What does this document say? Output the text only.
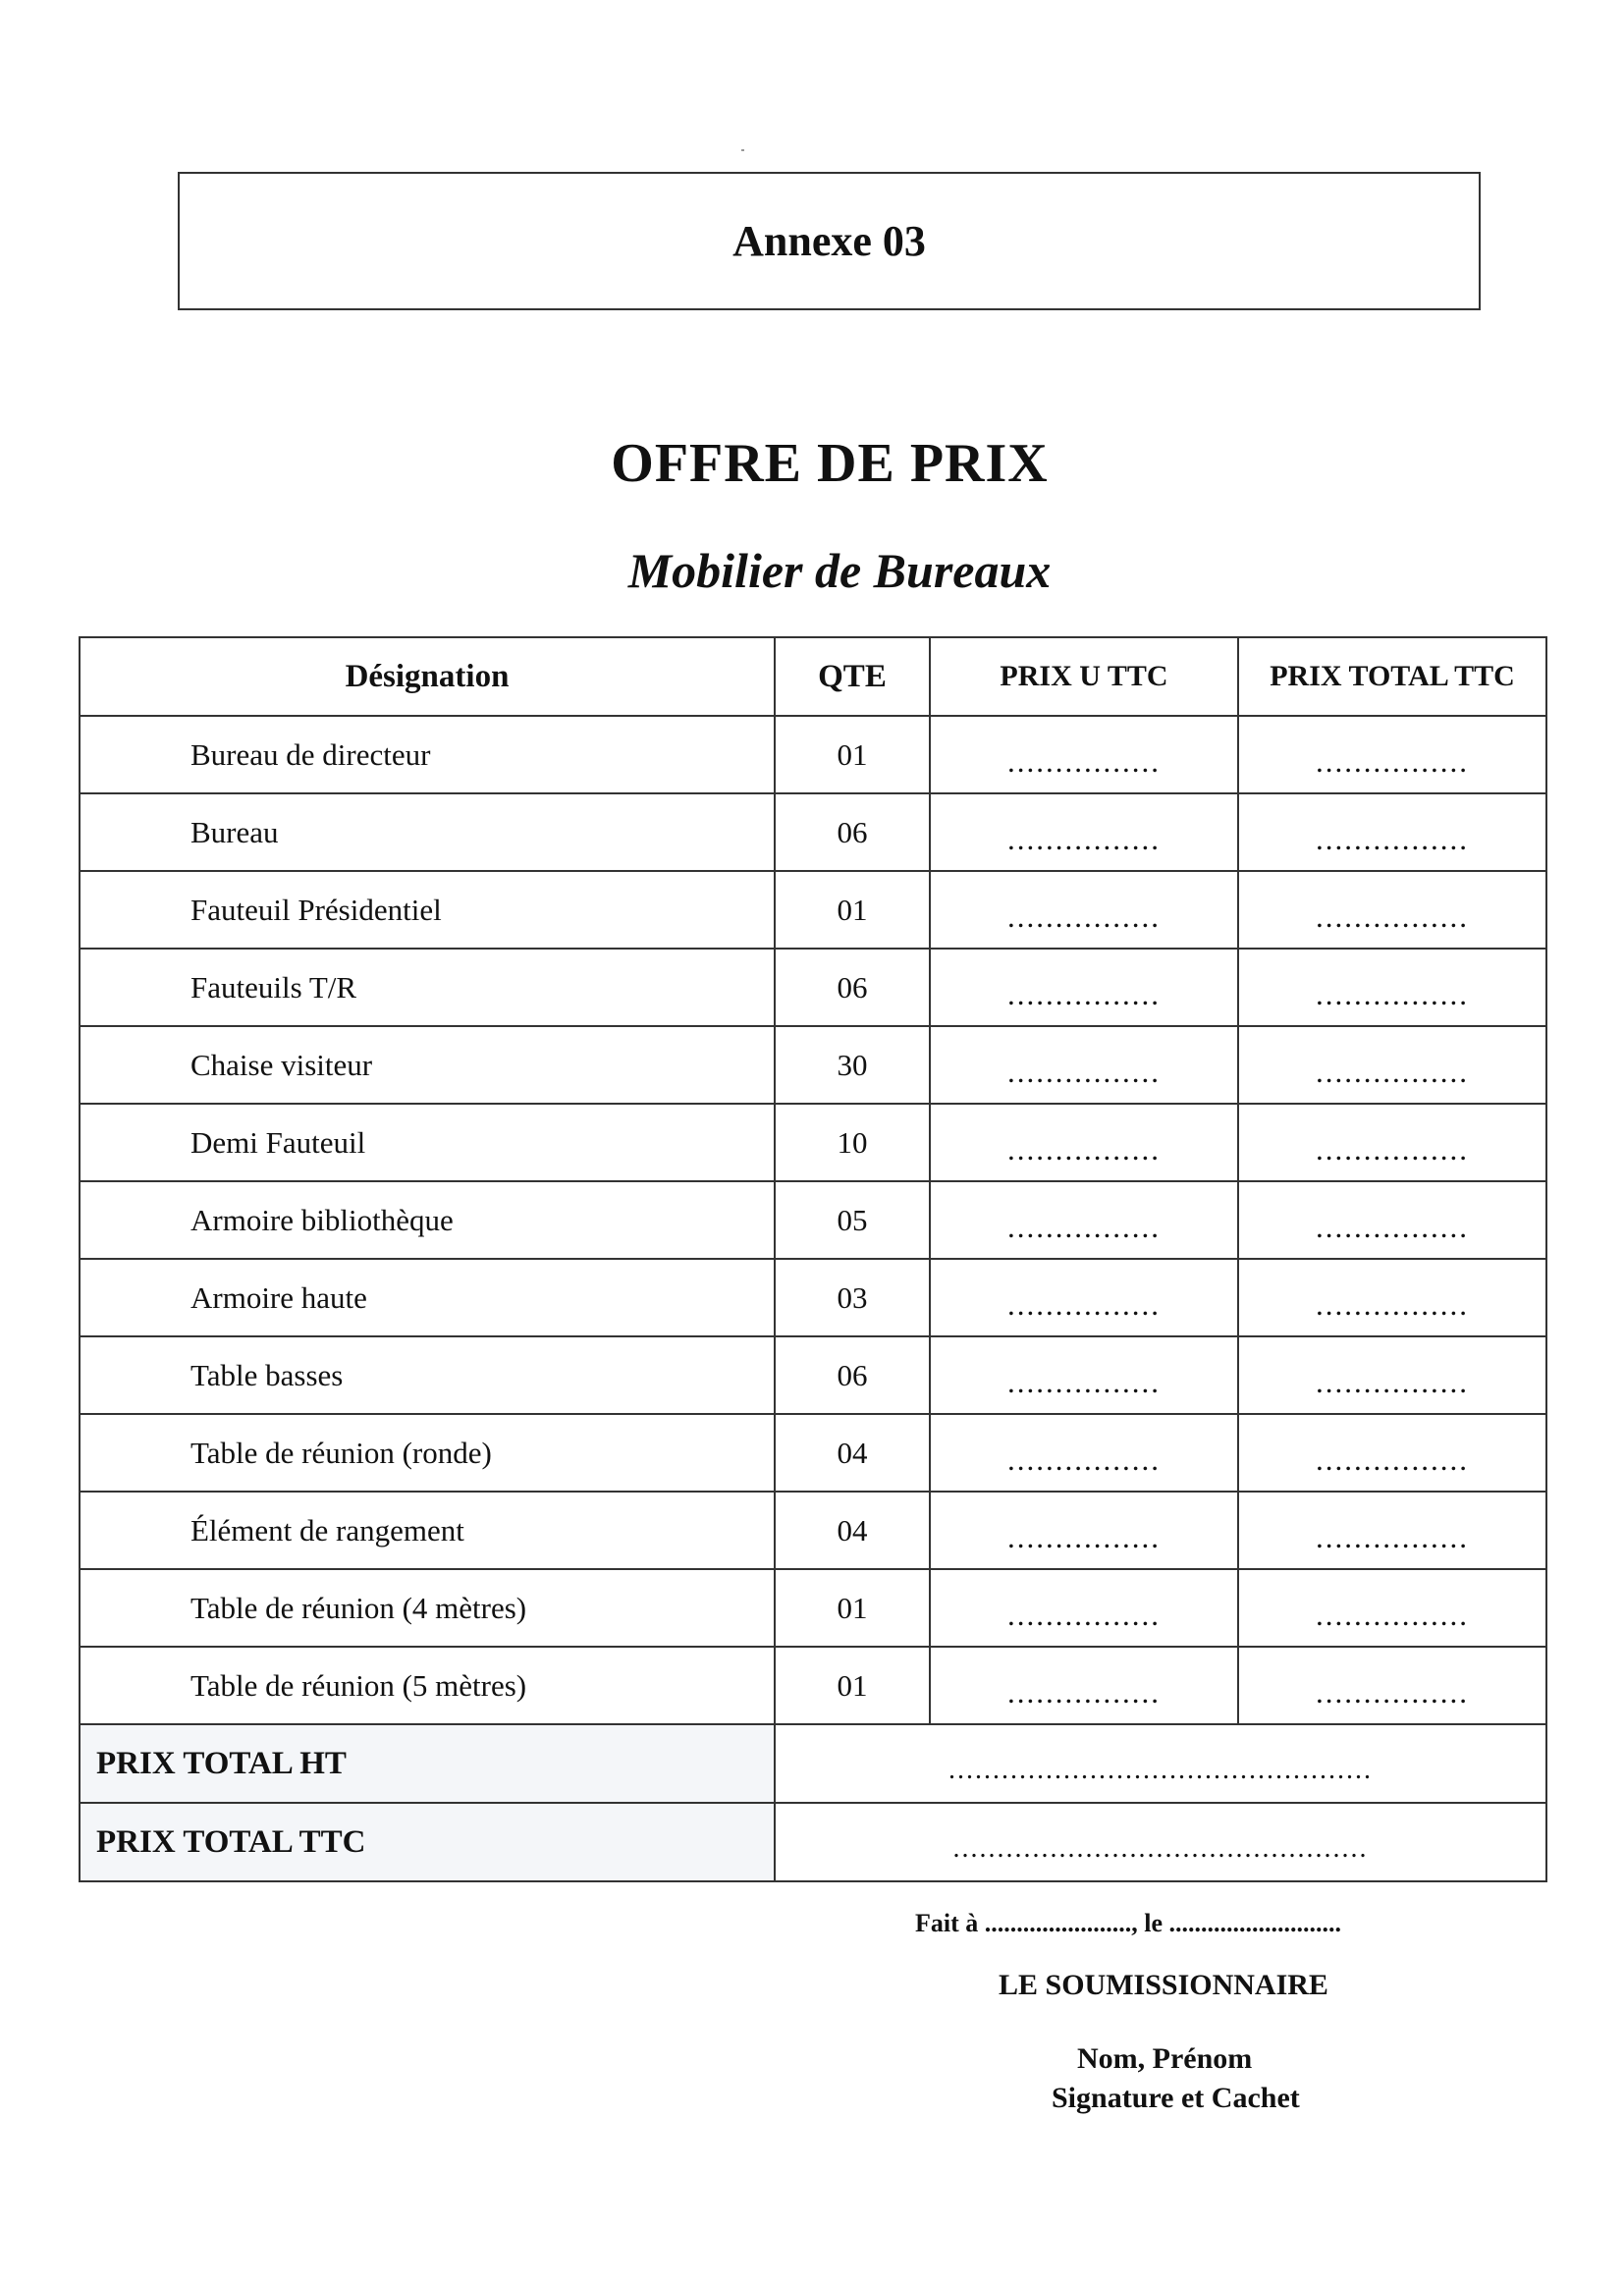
Annexe 03
OFFRE DE PRIX
Mobilier de Bureaux
Désignation	QTE	PRIX U TTC	PRIX TOTAL TTC
Bureau de directeur	01	................	................
Bureau	06	................	................
Fauteuil Présidentiel	01	................	................
Fauteuils T/R	06	................	................
Chaise visiteur	30	................	................
Demi Fauteuil	10	................	................
Armoire bibliothèque	05	................	................
Armoire haute	03	................	................
Table basses	06	................	................
Table de réunion (ronde)	04	................	................
Élément de rangement	04	................	................
Table de réunion (4 mètres)	01	................	................
Table de réunion (5 mètres)	01	................	................
PRIX TOTAL HT	................................................		
PRIX TOTAL TTC	...............................................		
Fait à ......................., le ...........................
LE SOUMISSIONNAIRE
Nom, Prénom
Signature et Cachet
